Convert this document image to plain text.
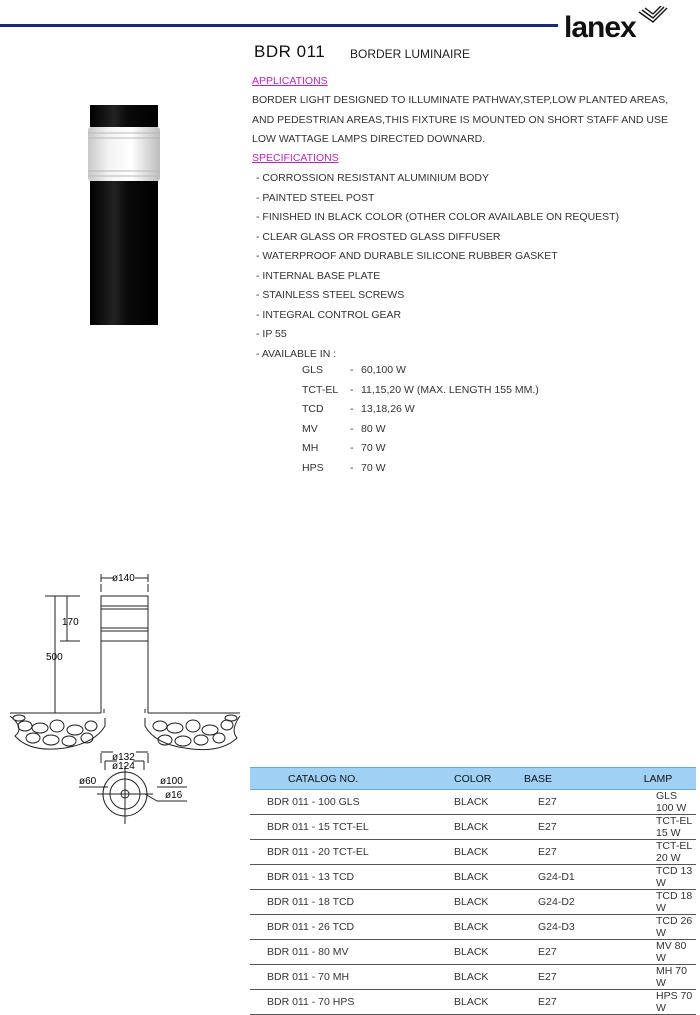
lanex
BDR 011 BORDER LUMINAIRE
APPLICATIONS
BORDER LIGHT DESIGNED TO ILLUMINATE PATHWAY,STEP,LOW PLANTED AREAS,
AND PEDESTRIAN AREAS,THIS FIXTURE IS MOUNTED ON SHORT STAFF AND USE
LOW WATTAGE LAMPS DIRECTED DOWNARD.
SPECIFICATIONS
- CORROSSION RESISTANT ALUMINIUM BODY
- PAINTED STEEL POST
- FINISHED IN BLACK COLOR (OTHER COLOR AVAILABLE ON REQUEST)
- CLEAR GLASS OR FROSTED GLASS DIFFUSER
- WATERPROOF AND DURABLE SILICONE RUBBER GASKET
- INTERNAL BASE PLATE
- STAINLESS STEEL SCREWS
- INTEGRAL CONTROL GEAR
- IP 55
- AVAILABLE IN :
GLS	- 60,100 W
TCT-EL - 11,15,20 W (MAX. LENGTH 155 MM.)
TCD	- 13,18,26 W
MV	- 80 W
MH	- 70 W
HPS	- 70 W
ø140
170
500
ø132
ø124
ø60	ø100
ø16
CATALOG NO.	COLOR	BASE	LAMP
BDR 011 - 100 GLS	BLACK	E27	GLS 100 W
BDR 011 - 15 TCT-EL	BLACK	E27	TCT-EL 15 W
BDR 011 - 20 TCT-EL	BLACK	E27	TCT-EL 20 W
BDR 011 - 13 TCD	BLACK	G24-D1	TCD 13 W
BDR 011 - 18 TCD	BLACK	G24-D2	TCD 18 W
BDR 011 - 26 TCD	BLACK	G24-D3	TCD 26 W
BDR 011 - 80 MV	BLACK	E27	MV 80 W
BDR 011 - 70 MH	BLACK	E27	MH 70 W
BDR 011 - 70 HPS	BLACK	E27	HPS 70 W
